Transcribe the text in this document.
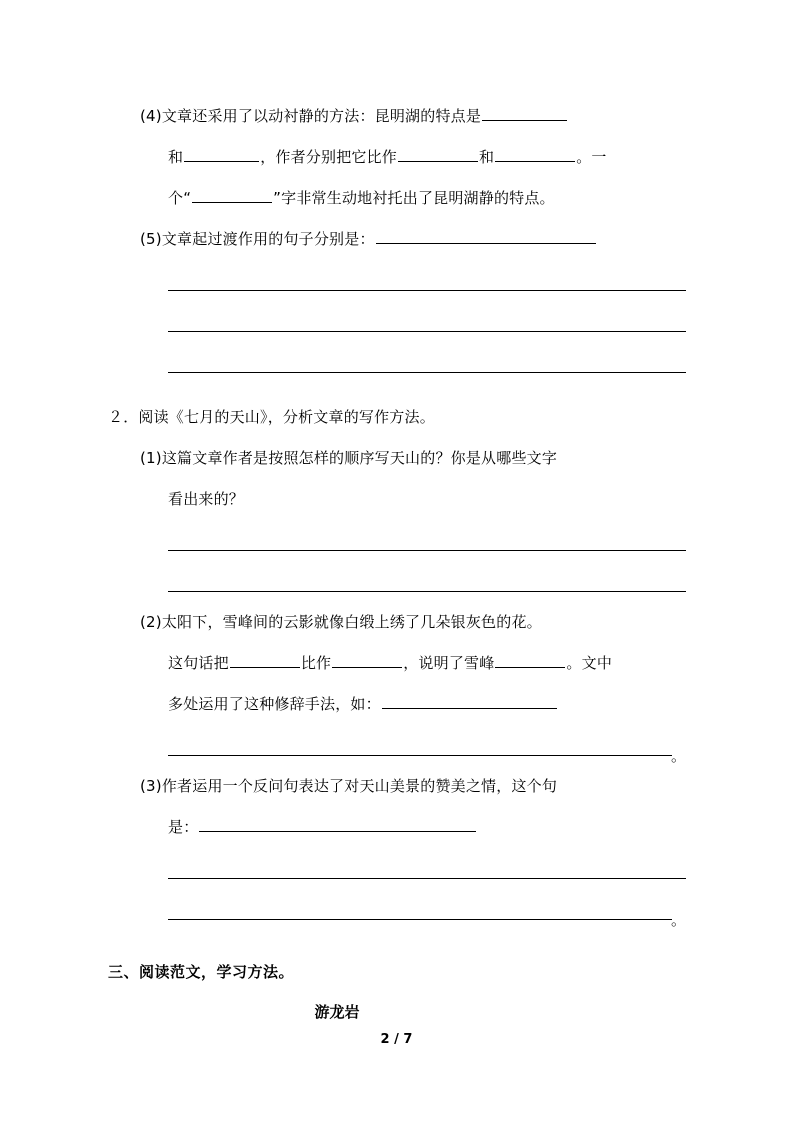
(4)文章还采用了以动衬静的方法：昆明湖的特点是
和	，作者分别把它比作	和	。一
个“	”字非常生动地衬托出了昆明湖静的特点。
(5)文章起过渡作用的句子分别是：
２．阅读《七月的天山》，分析文章的写作方法。
(1)这篇文章作者是按照怎样的顺序写天山的？你是从哪些文字
看出来的？
(2)太阳下，雪峰间的云影就像白缎上绣了几朵银灰色的花。
这句话把	比作	，说明了雪峰	。文中
多处运用了这种修辞手法，如：
。
(3)作者运用一个反问句表达了对天山美景的赞美之情，这个句
是：
。
三、阅读范文，学习方法。
游龙岩
2 / 7
